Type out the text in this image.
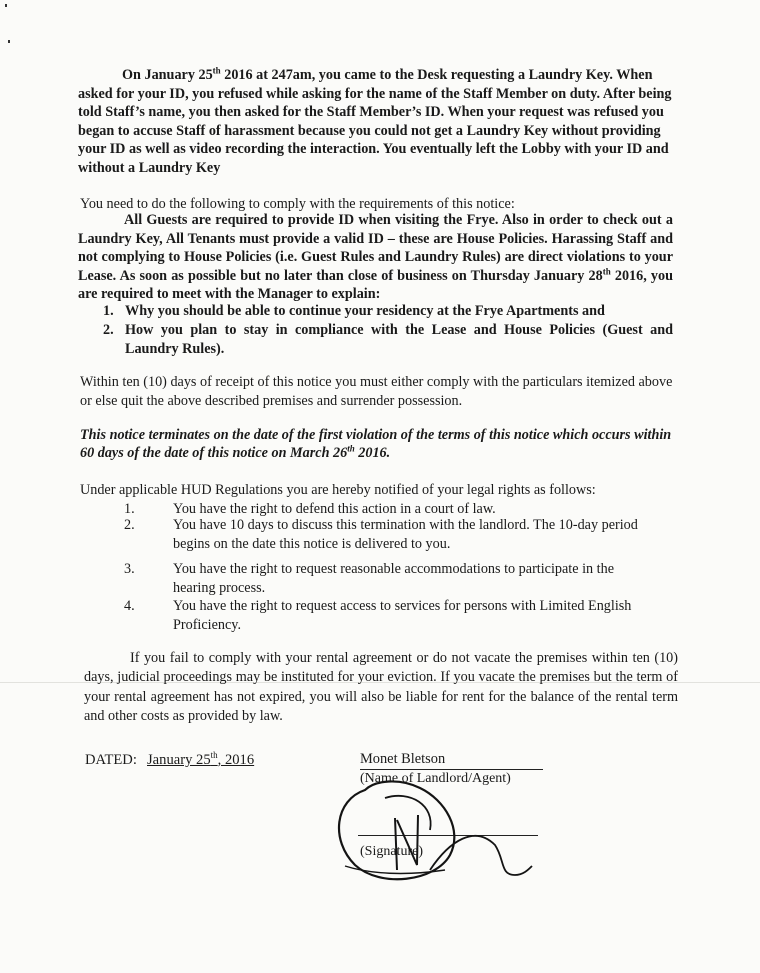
On January 25th 2016 at 247am, you came to the Desk requesting a Laundry Key. When asked for your ID, you refused while asking for the name of the Staff Member on duty. After being told Staff’s name, you then asked for the Staff Member’s ID. When your request was refused you began to accuse Staff of harassment because you could not get a Laundry Key without providing your ID as well as video recording the interaction. You eventually left the Lobby with your ID and without a Laundry Key
You need to do the following to comply with the requirements of this notice:
All Guests are required to provide ID when visiting the Frye. Also in order to check out a Laundry Key, All Tenants must provide a valid ID – these are House Policies. Harassing Staff and not complying to House Policies (i.e. Guest Rules and Laundry Rules) are direct violations to your Lease. As soon as possible but no later than close of business on Thursday January 28th 2016, you are required to meet with the Manager to explain:
1. Why you should be able to continue your residency at the Frye Apartments and
2. How you plan to stay in compliance with the Lease and House Policies (Guest and Laundry Rules).
Within ten (10) days of receipt of this notice you must either comply with the particulars itemized above or else quit the above described premises and surrender possession.
This notice terminates on the date of the first violation of the terms of this notice which occurs within 60 days of the date of this notice on March 26th 2016.
Under applicable HUD Regulations you are hereby notified of your legal rights as follows:
1.	You have the right to defend this action in a court of law.
2.	You have 10 days to discuss this termination with the landlord. The 10-day period begins on the date this notice is delivered to you.
3.	You have the right to request reasonable accommodations to participate in the hearing process.
4.	You have the right to request access to services for persons with Limited English Proficiency.
If you fail to comply with your rental agreement or do not vacate the premises within ten (10) days, judicial proceedings may be instituted for your eviction. If you vacate the premises but the term of your rental agreement has not expired, you will also be liable for rent for the balance of the rental term and other costs as provided by law.
DATED: January 25th, 2016	Monet Bletson
(Name of Landlord/Agent)
(Signature)
